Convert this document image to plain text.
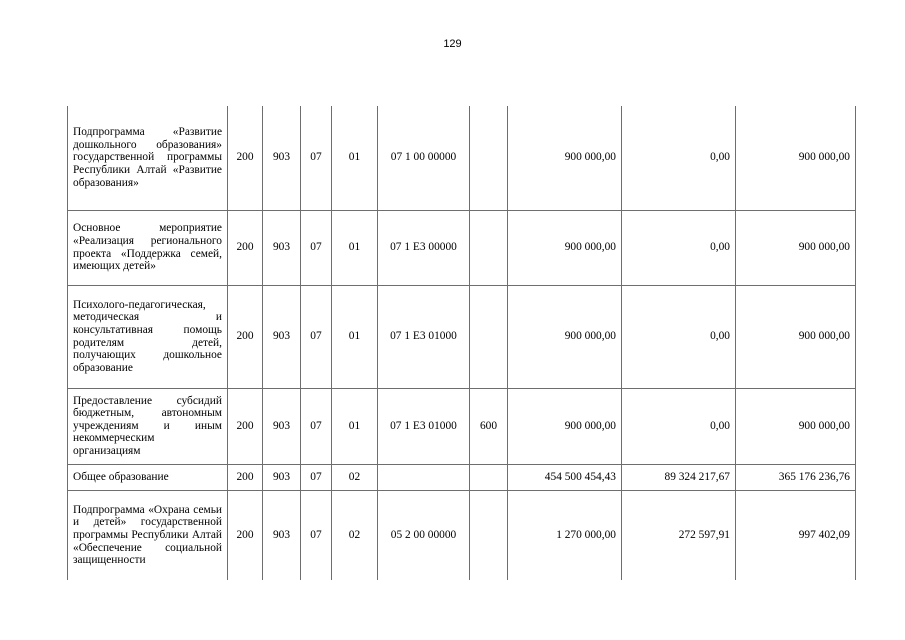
129
Подпрограмма «Развитие дошкольного образования» государственной программы Республики Алтай «Развитие образования»	200	903	07	01	07 1 00 00000		900 000,00	0,00	900 000,00
Основное мероприятие «Реализация регионального проекта «Поддержка семей, имеющих детей»	200	903	07	01	07 1 E3 00000		900 000,00	0,00	900 000,00
Психолого-педагогическая, методическая и консультативная помощь родителям детей, получающих дошкольное образование	200	903	07	01	07 1 E3 01000		900 000,00	0,00	900 000,00
Предоставление субсидий бюджетным, автономным учреждениям и иным некоммерческим организациям	200	903	07	01	07 1 E3 01000	600	900 000,00	0,00	900 000,00
Общее образование	200	903	07	02			454 500 454,43	89 324 217,67	365 176 236,76
Подпрограмма «Охрана семьи и детей» государственной программы Республики Алтай «Обеспечение социальной защищенности	200	903	07	02	05 2 00 00000		1 270 000,00	272 597,91	997 402,09
